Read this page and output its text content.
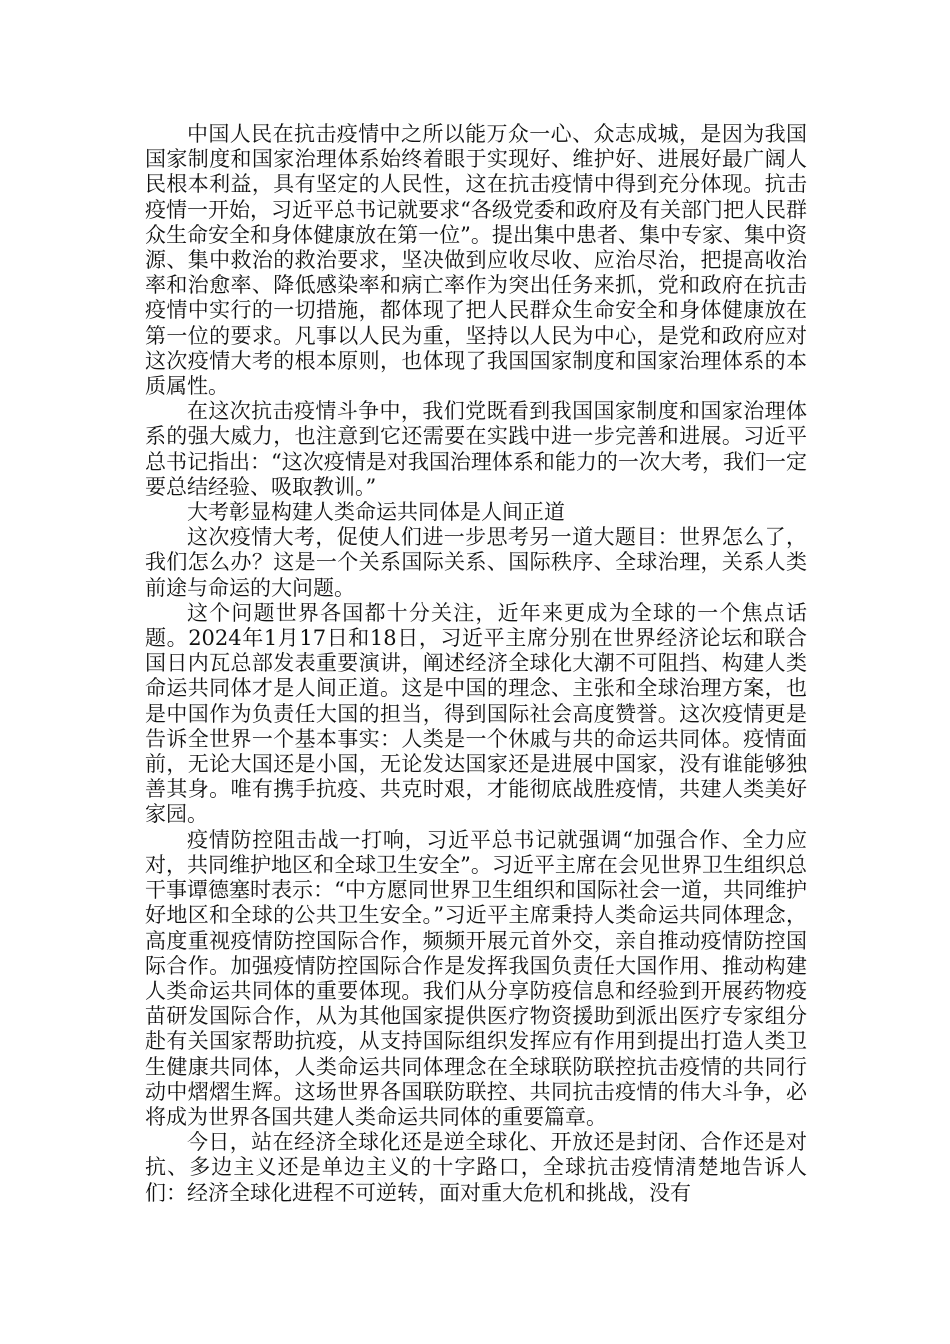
中国人民在抗击疫情中之所以能万众一心、众志成城，是因为我国国家制度和国家治理体系始终着眼于实现好、维护好、进展好最广阔人民根本利益，具有坚定的人民性，这在抗击疫情中得到充分体现。抗击疫情一开始，习近平总书记就要求“各级党委和政府及有关部门把人民群众生命安全和身体健康放在第一位”。提出集中患者、集中专家、集中资源、集中救治的救治要求，坚决做到应收尽收、应治尽治，把提高收治率和治愈率、降低感染率和病亡率作为突出任务来抓，党和政府在抗击疫情中实行的一切措施，都体现了把人民群众生命安全和身体健康放在第一位的要求。凡事以人民为重，坚持以人民为中心，是党和政府应对这次疫情大考的根本原则，也体现了我国国家制度和国家治理体系的本质属性。

在这次抗击疫情斗争中，我们党既看到我国国家制度和国家治理体系的强大威力，也注意到它还需要在实践中进一步完善和进展。习近平总书记指出：“这次疫情是对我国治理体系和能力的一次大考，我们一定要总结经验、吸取教训。”

大考彰显构建人类命运共同体是人间正道

这次疫情大考，促使人们进一步思考另一道大题目：世界怎么了，我们怎么办？这是一个关系国际关系、国际秩序、全球治理，关系人类前途与命运的大问题。

这个问题世界各国都十分关注，近年来更成为全球的一个焦点话题。2024年1月17日和18日，习近平主席分别在世界经济论坛和联合国日内瓦总部发表重要演讲，阐述经济全球化大潮不可阻挡、构建人类命运共同体才是人间正道。这是中国的理念、主张和全球治理方案，也是中国作为负责任大国的担当，得到国际社会高度赞誉。这次疫情更是告诉全世界一个基本事实：人类是一个休戚与共的命运共同体。疫情面前，无论大国还是小国，无论发达国家还是进展中国家，没有谁能够独善其身。唯有携手抗疫、共克时艰，才能彻底战胜疫情，共建人类美好家园。

疫情防控阻击战一打响，习近平总书记就强调“加强合作、全力应对，共同维护地区和全球卫生安全”。习近平主席在会见世界卫生组织总干事谭德塞时表示：“中方愿同世界卫生组织和国际社会一道，共同维护好地区和全球的公共卫生安全。”习近平主席秉持人类命运共同体理念，高度重视疫情防控国际合作，频频开展元首外交，亲自推动疫情防控国际合作。加强疫情防控国际合作是发挥我国负责任大国作用、推动构建人类命运共同体的重要体现。我们从分享防疫信息和经验到开展药物疫苗研发国际合作，从为其他国家提供医疗物资援助到派出医疗专家组分赴有关国家帮助抗疫，从支持国际组织发挥应有作用到提出打造人类卫生健康共同体，人类命运共同体理念在全球联防联控抗击疫情的共同行动中熠熠生辉。这场世界各国联防联控、共同抗击疫情的伟大斗争，必将成为世界各国共建人类命运共同体的重要篇章。

今日，站在经济全球化还是逆全球化、开放还是封闭、合作还是对抗、多边主义还是单边主义的十字路口，全球抗击疫情清楚地告诉人们：经济全球化进程不可逆转，面对重大危机和挑战，没有
